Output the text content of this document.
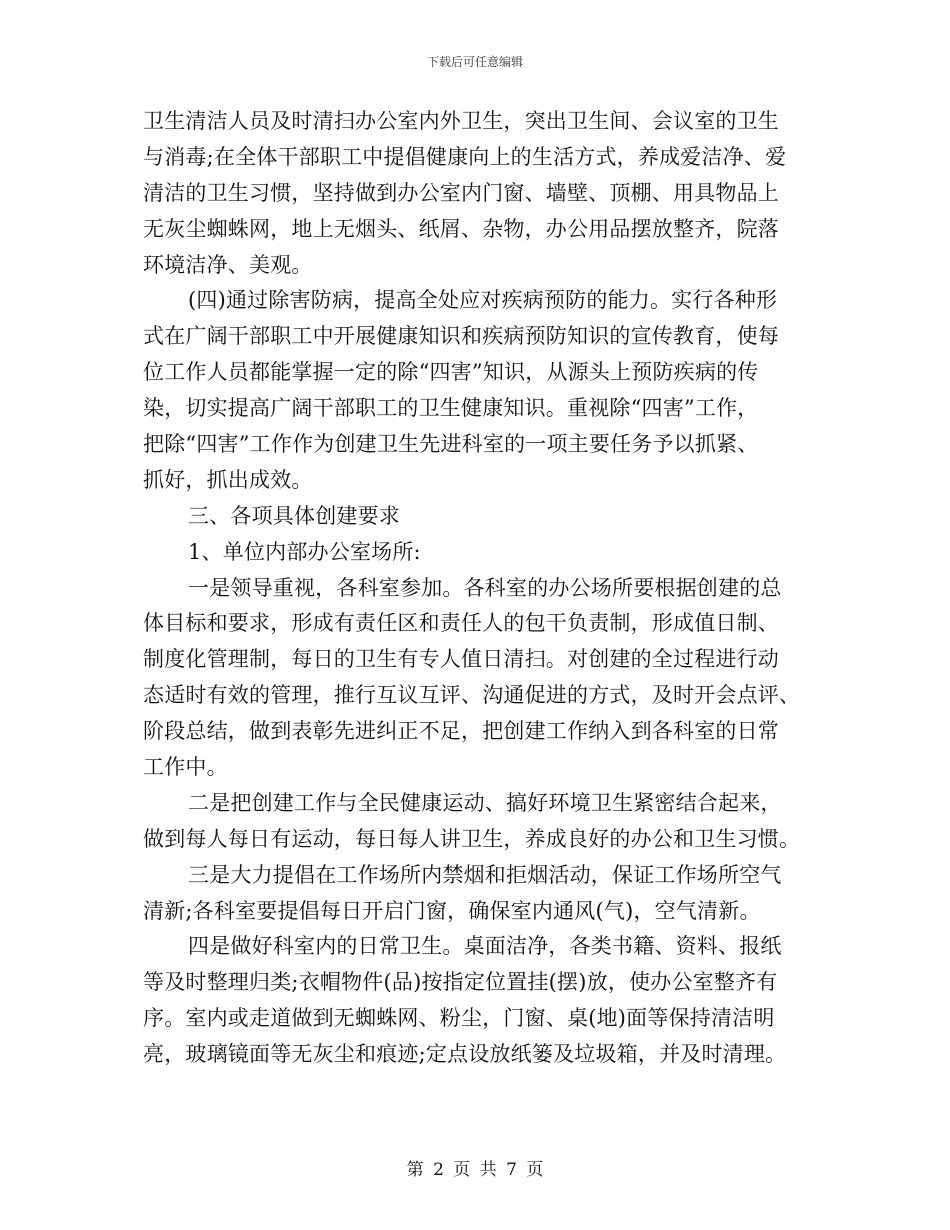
下载后可任意编辑
卫生清洁人员及时清扫办公室内外卫生，突出卫生间、会议室的卫生
与消毒;在全体干部职工中提倡健康向上的生活方式，养成爱洁净、爱
清洁的卫生习惯，坚持做到办公室内门窗、墙壁、顶棚、用具物品上
无灰尘蜘蛛网，地上无烟头、纸屑、杂物，办公用品摆放整齐，院落
环境洁净、美观。
(四)通过除害防病，提高全处应对疾病预防的能力。实行各种形
式在广阔干部职工中开展健康知识和疾病预防知识的宣传教育，使每
位工作人员都能掌握一定的除“四害”知识，从源头上预防疾病的传
染，切实提高广阔干部职工的卫生健康知识。重视除“四害”工作，
把除“四害”工作作为创建卫生先进科室的一项主要任务予以抓紧、
抓好，抓出成效。
三、各项具体创建要求
1、单位内部办公室场所:
一是领导重视，各科室参加。各科室的办公场所要根据创建的总
体目标和要求，形成有责任区和责任人的包干负责制，形成值日制、
制度化管理制，每日的卫生有专人值日清扫。对创建的全过程进行动
态适时有效的管理，推行互议互评、沟通促进的方式，及时开会点评、
阶段总结，做到表彰先进纠正不足，把创建工作纳入到各科室的日常
工作中。
二是把创建工作与全民健康运动、搞好环境卫生紧密结合起来，
做到每人每日有运动，每日每人讲卫生，养成良好的办公和卫生习惯。
三是大力提倡在工作场所内禁烟和拒烟活动，保证工作场所空气
清新;各科室要提倡每日开启门窗，确保室内通风(气)，空气清新。
四是做好科室内的日常卫生。桌面洁净，各类书籍、资料、报纸
等及时整理归类;衣帽物件(品)按指定位置挂(摆)放，使办公室整齐有
序。室内或走道做到无蜘蛛网、粉尘，门窗、桌(地)面等保持清洁明
亮，玻璃镜面等无灰尘和痕迹;定点设放纸篓及垃圾箱，并及时清理。
第 2 页 共 7 页
